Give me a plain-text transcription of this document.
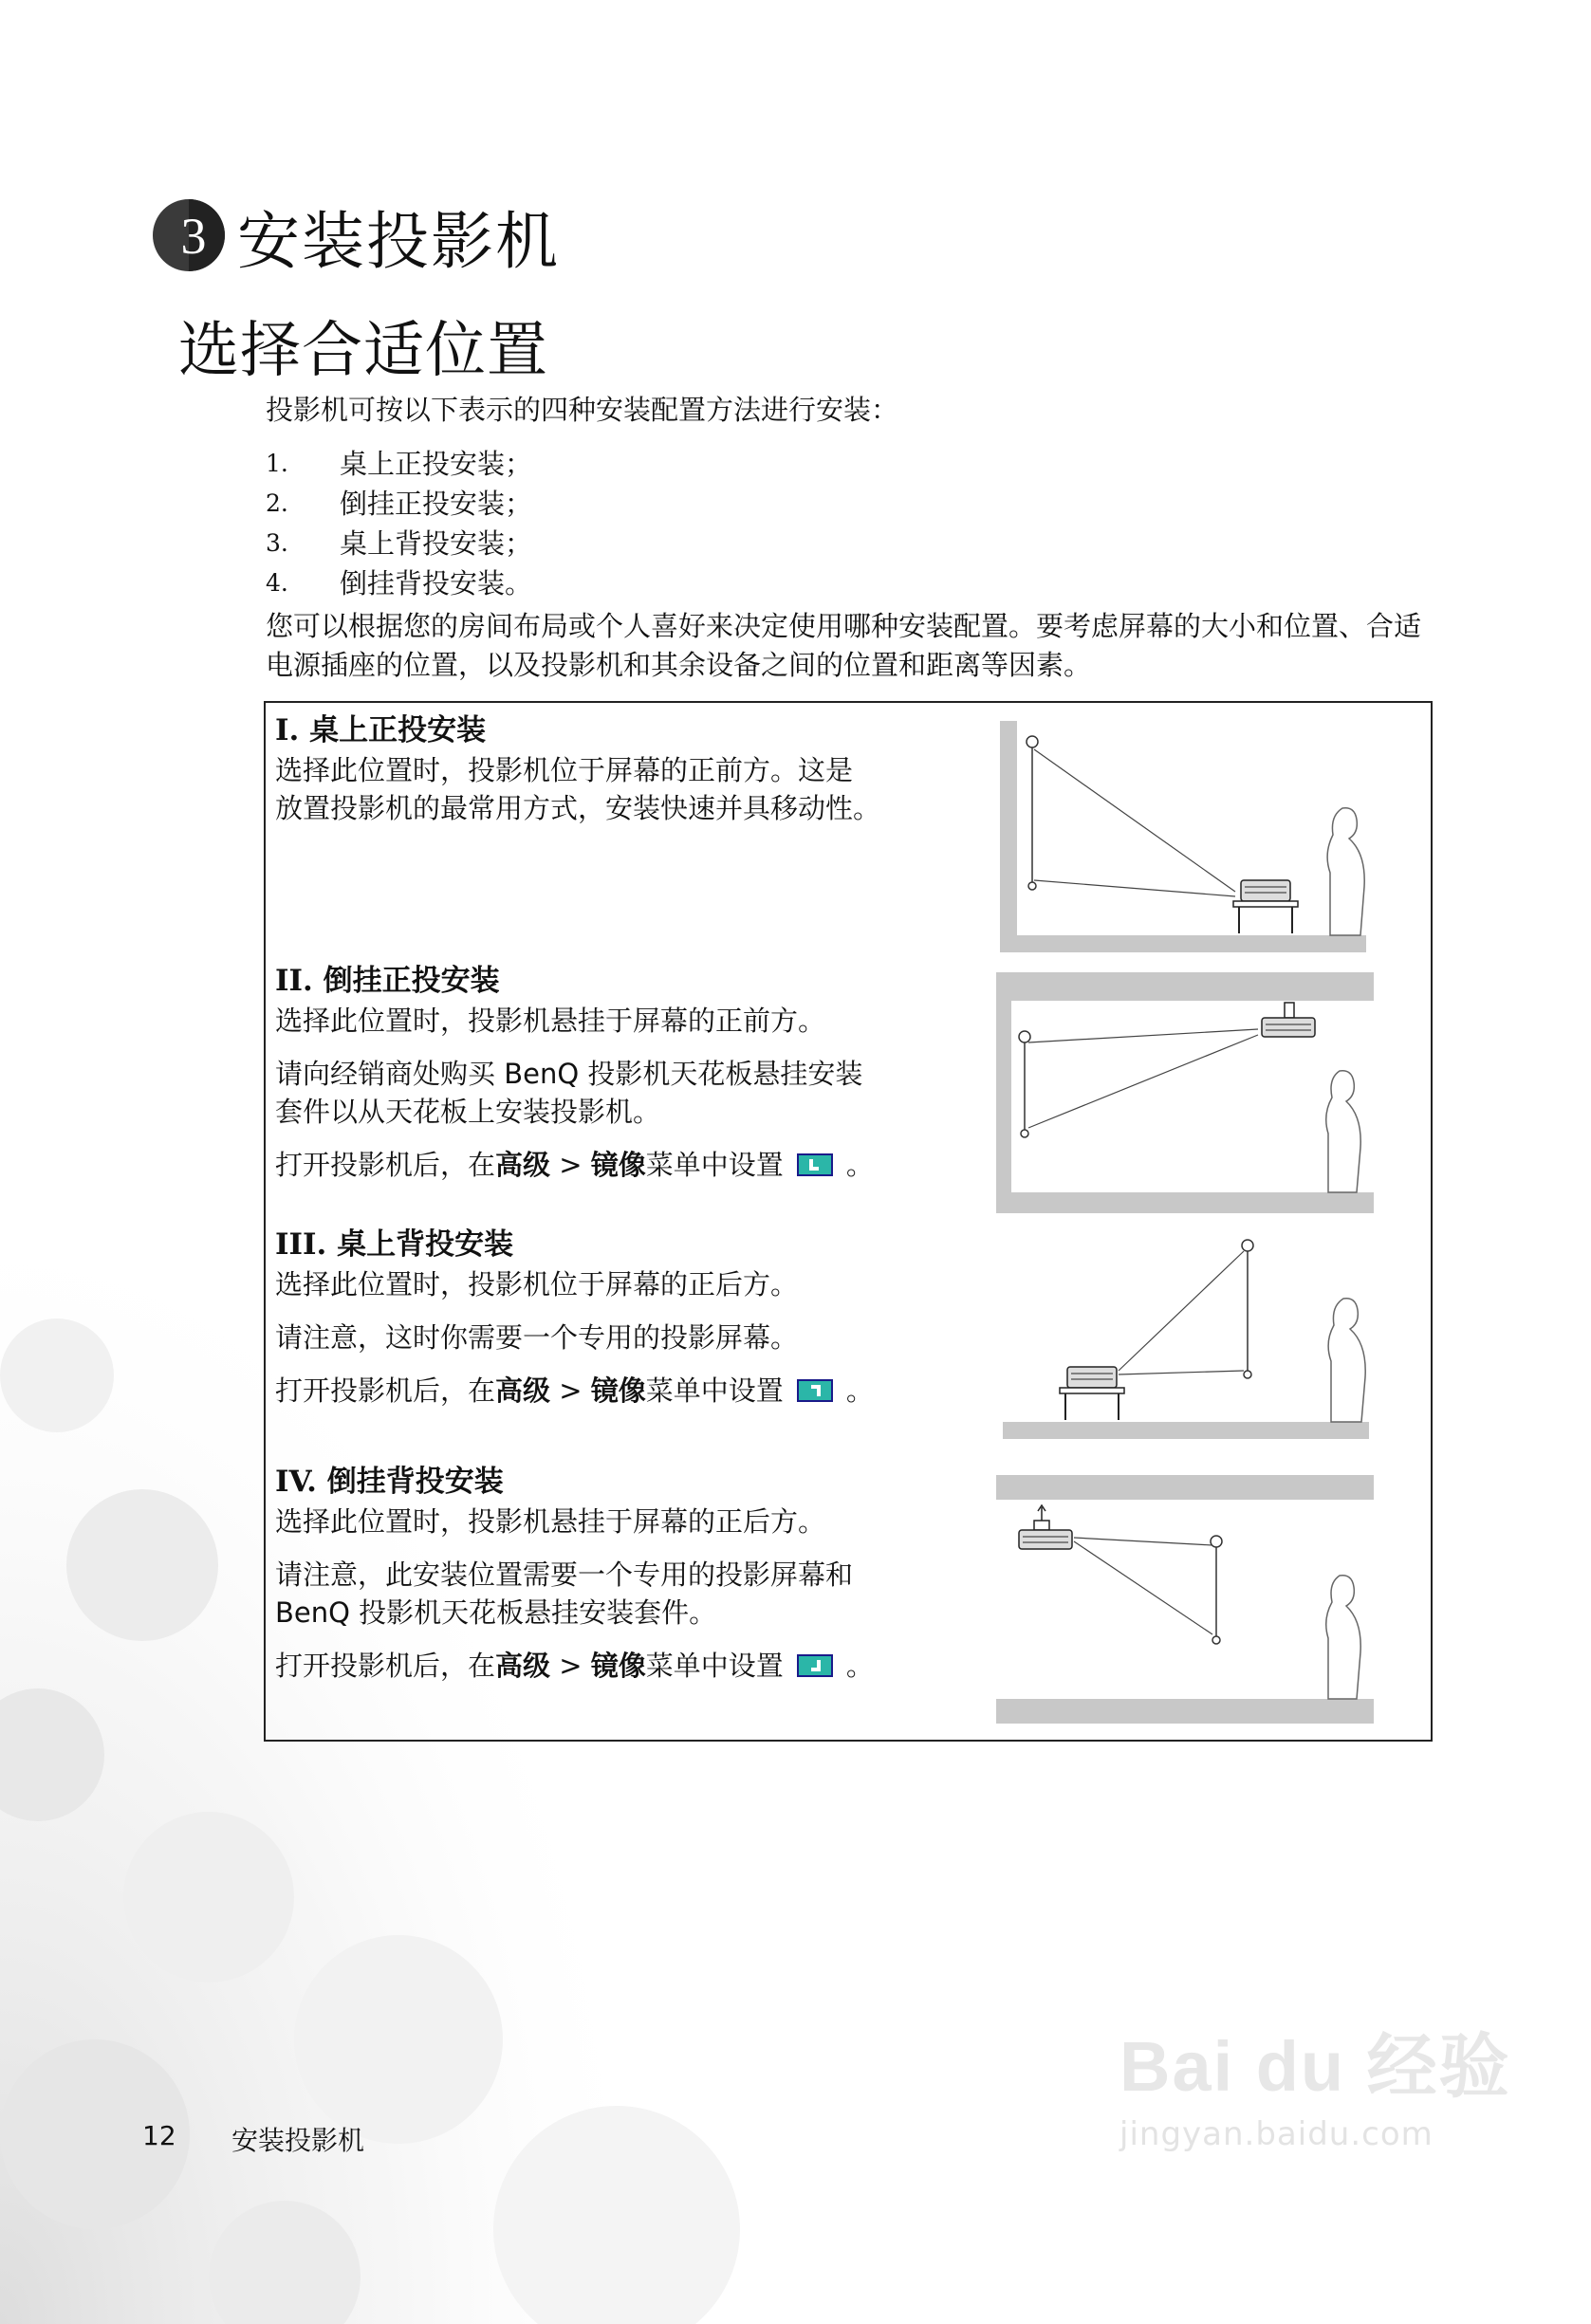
3 安装投影机
选择合适位置
投影机可按以下表示的四种安装配置方法进行安装：
1.	桌上正投安装；
2.	倒挂正投安装；
3.	桌上背投安装；
4.	倒挂背投安装。
您可以根据您的房间布局或个人喜好来决定使用哪种安装配置。要考虑屏幕的大小和位置、合适电源插座的位置，以及投影机和其余设备之间的位置和距离等因素。
I. 桌上正投安装

选择此位置时，投影机位于屏幕的正前方。这是

放置投影机的最常用方式，安装快速并具移动性。

II. 倒挂正投安装

选择此位置时，投影机悬挂于屏幕的正前方。

请向经销商处购买 BenQ 投影机天花板悬挂安装

套件以从天花板上安装投影机。

打开投影机后，在 高级 > 镜像 菜单中设置 。

III. 桌上背投安装

选择此位置时，投影机位于屏幕的正后方。

请注意，这时你需要一个专用的投影屏幕。

打开投影机后，在 高级 > 镜像 菜单中设置 。

IV. 倒挂背投安装

选择此位置时，投影机悬挂于屏幕的正后方。

请注意，此安装位置需要一个专用的投影屏幕和

BenQ 投影机天花板悬挂安装套件。

打开投影机后，在 高级 > 镜像 菜单中设置 。

12 安装投影机
Bai du 经验
jingyan.baidu.com
